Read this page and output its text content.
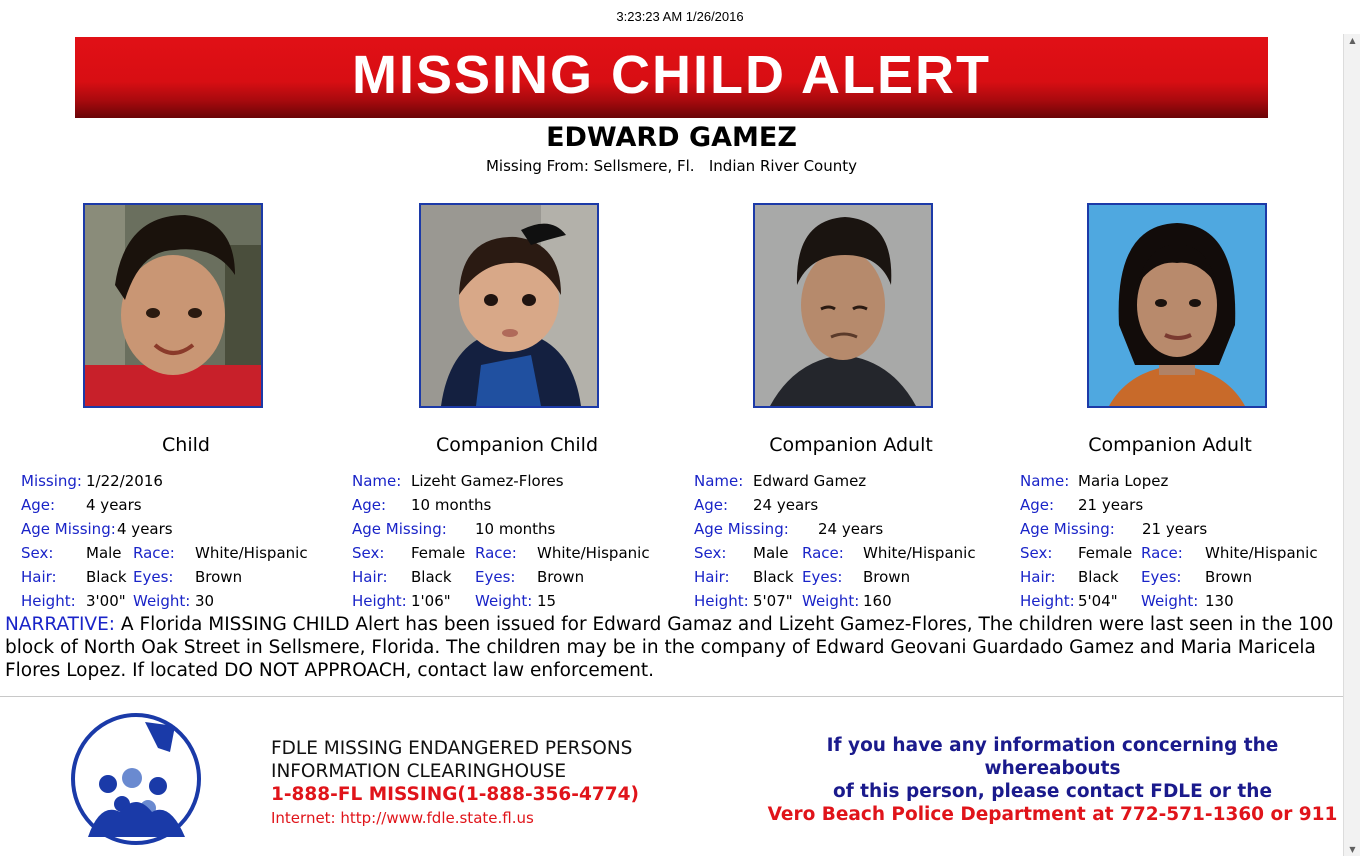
3:23:23 AM 1/26/2016
▲
▼
MISSING CHILD ALERT
EDWARD GAMEZ
Missing From: Sellsmere, Fl.   Indian River County
Child
Missing: 1/22/2016
Age: 4 years
Age Missing: 4 years
Sex: Male Race: White/Hispanic
Hair: Black Eyes: Brown
Height: 3'00" Weight: 30
Companion Child
Name: Lizeht Gamez-Flores
Age: 10 months
Age Missing: 10 months
Sex: Female Race: White/Hispanic
Hair: Black Eyes: Brown
Height: 1'06" Weight: 15
Companion Adult
Name: Edward Gamez
Age: 24 years
Age Missing: 24 years
Sex: Male Race: White/Hispanic
Hair: Black Eyes: Brown
Height: 5'07" Weight: 160
Companion Adult
Name: Maria Lopez
Age: 21 years
Age Missing: 21 years
Sex: Female Race: White/Hispanic
Hair: Black Eyes: Brown
Height: 5'04" Weight: 130
NARRATIVE: A Florida MISSING CHILD Alert has been issued for Edward Gamaz and Lizeht Gamez-Flores, The children were last seen in the 100 block of North Oak Street in Sellsmere, Florida. The children may be in the company of Edward Geovani Guardado Gamez and Maria Maricela Flores Lopez. If located DO NOT APPROACH, contact law enforcement.
FDLE MISSING ENDANGERED PERSONS
INFORMATION CLEARINGHOUSE
1-888-FL MISSING(1-888-356-4774)
Internet: http://www.fdle.state.fl.us
If you have any information concerning the whereabouts
of this person, please contact FDLE or the
Vero Beach Police Department at 772-571-1360 or 911
